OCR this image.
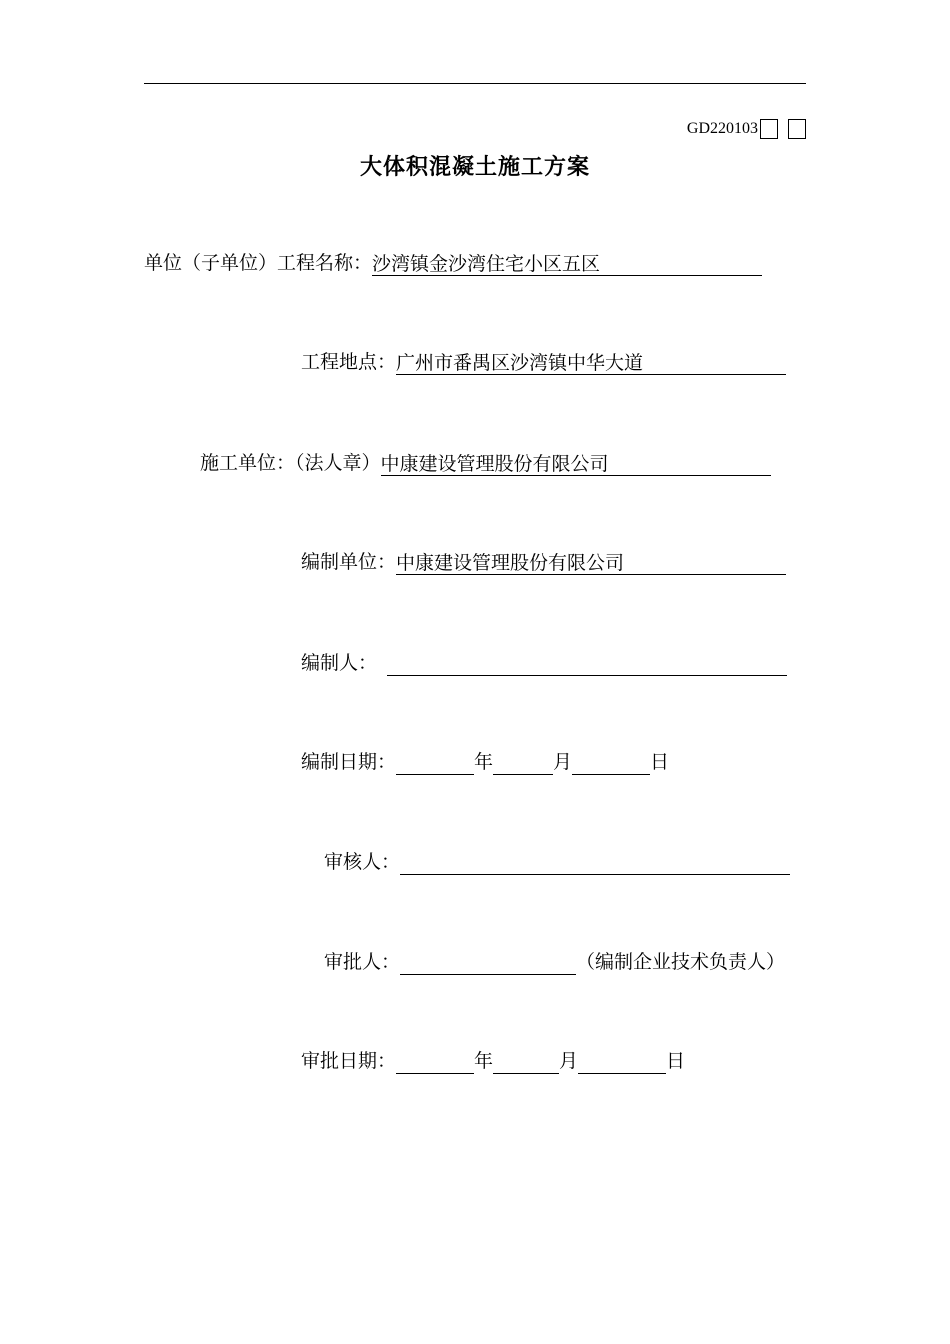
GD220103
大体积混凝土施工方案
单位（子单位）工程名称： 沙湾镇金沙湾住宅小区五区
工程地点： 广州市番禺区沙湾镇中华大道
施工单位：（法人章） 中康建设管理股份有限公司
编制单位： 中康建设管理股份有限公司
编制人：
编制日期：	年	月	日
审核人：
审批人：	（编制企业技术负责人）
审批日期：	年	月	日
